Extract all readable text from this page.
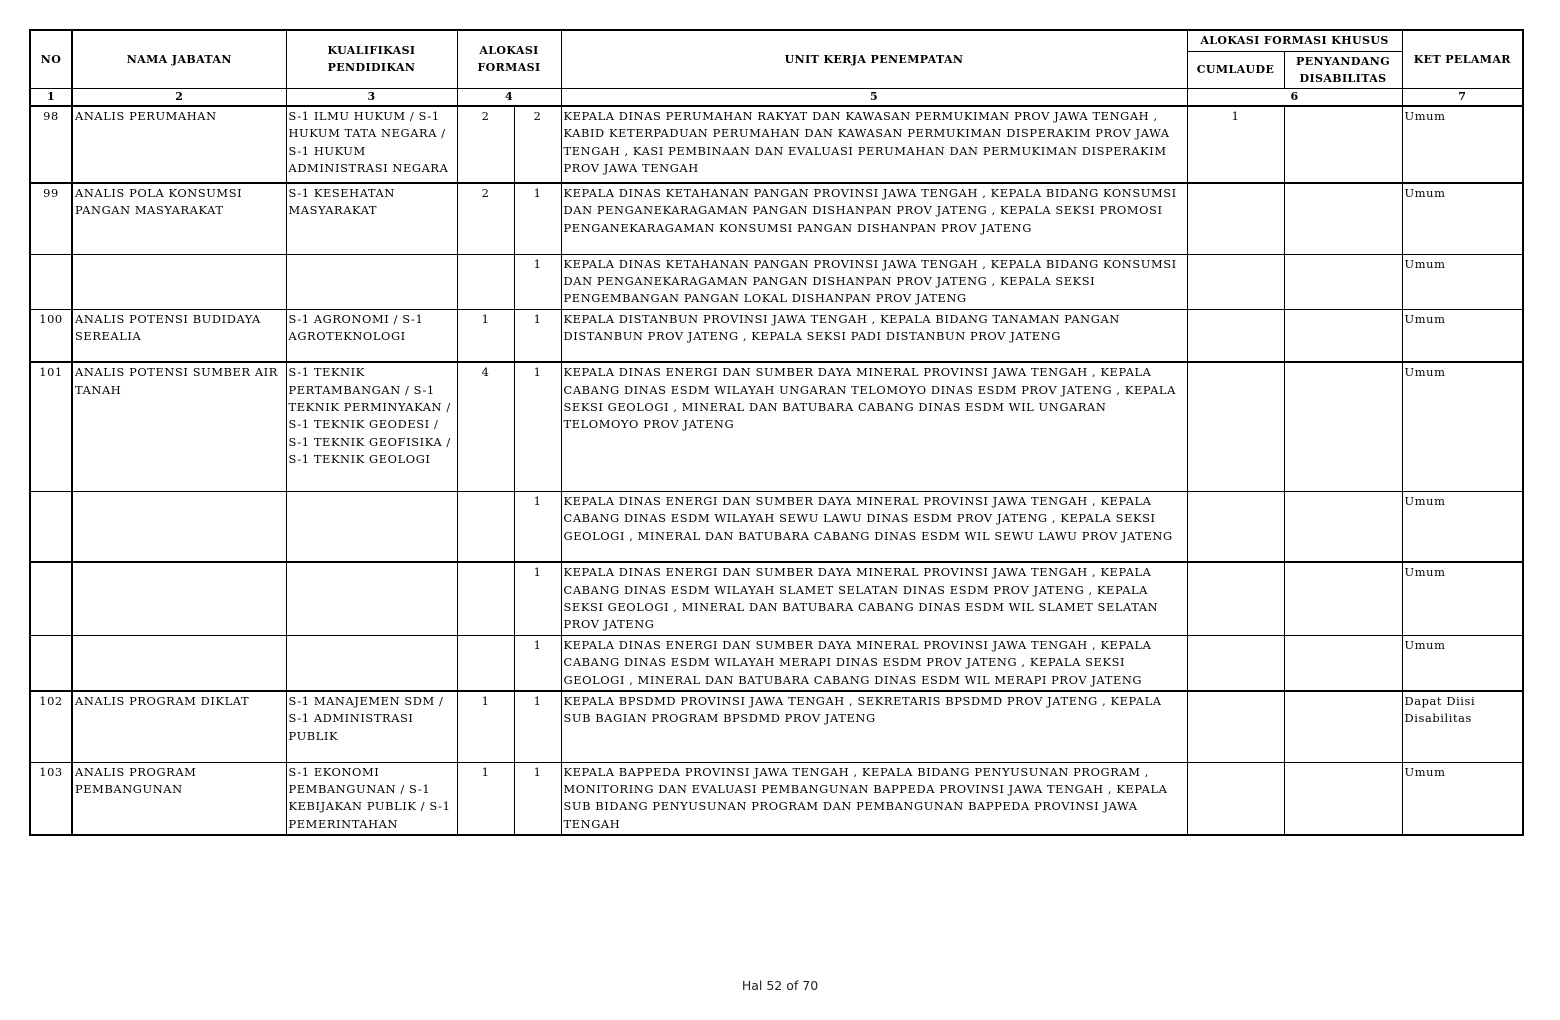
NO	NAMA JABATAN	KUALIFIKASI PENDIDIKAN	ALOKASI FORMASI		UNIT KERJA PENEMPATAN	ALOKASI FORMASI KHUSUS		KET PELAMAR
						CUMLAUDE	PENYANDANG DISABILITAS	
1	2	3	4		5	6		7
98	ANALIS PERUMAHAN	S-1 ILMU HUKUM / S-1 HUKUM TATA NEGARA / S-1 HUKUM ADMINISTRASI NEGARA	2	2	KEPALA DINAS PERUMAHAN RAKYAT DAN KAWASAN PERMUKIMAN PROV JAWA TENGAH , KABID KETERPADUAN PERUMAHAN DAN KAWASAN PERMUKIMAN DISPERAKIM PROV JAWA TENGAH , KASI PEMBINAAN DAN EVALUASI PERUMAHAN DAN PERMUKIMAN DISPERAKIM PROV JAWA TENGAH	1		Umum
99	ANALIS POLA KONSUMSI PANGAN MASYARAKAT	S-1 KESEHATAN MASYARAKAT	2	1	KEPALA DINAS KETAHANAN PANGAN PROVINSI JAWA TENGAH , KEPALA BIDANG KONSUMSI DAN PENGANEKARAGAMAN PANGAN DISHANPAN PROV JATENG , KEPALA SEKSI PROMOSI PENGANEKARAGAMAN KONSUMSI PANGAN DISHANPAN PROV JATENG			Umum
				1	KEPALA DINAS KETAHANAN PANGAN PROVINSI JAWA TENGAH , KEPALA BIDANG KONSUMSI DAN PENGANEKARAGAMAN PANGAN DISHANPAN PROV JATENG , KEPALA SEKSI PENGEMBANGAN PANGAN LOKAL DISHANPAN PROV JATENG			Umum
100	ANALIS POTENSI BUDIDAYA SEREALIA	S-1 AGRONOMI / S-1 AGROTEKNOLOGI	1	1	KEPALA DISTANBUN PROVINSI JAWA TENGAH , KEPALA BIDANG TANAMAN PANGAN DISTANBUN PROV JATENG , KEPALA SEKSI PADI DISTANBUN PROV JATENG			Umum
101	ANALIS POTENSI SUMBER AIR TANAH	S-1 TEKNIK PERTAMBANGAN / S-1 TEKNIK PERMINYAKAN / S-1 TEKNIK GEODESI / S-1 TEKNIK GEOFISIKA / S-1 TEKNIK GEOLOGI	4	1	KEPALA DINAS ENERGI DAN SUMBER DAYA MINERAL PROVINSI JAWA TENGAH , KEPALA CABANG DINAS ESDM WILAYAH UNGARAN TELOMOYO DINAS ESDM PROV JATENG , KEPALA SEKSI GEOLOGI , MINERAL DAN BATUBARA CABANG DINAS ESDM WIL UNGARAN TELOMOYO PROV JATENG			Umum
				1	KEPALA DINAS ENERGI DAN SUMBER DAYA MINERAL PROVINSI JAWA TENGAH , KEPALA CABANG DINAS ESDM WILAYAH SEWU LAWU DINAS ESDM PROV JATENG , KEPALA SEKSI GEOLOGI , MINERAL DAN BATUBARA CABANG DINAS ESDM WIL SEWU LAWU PROV JATENG			Umum
				1	KEPALA DINAS ENERGI DAN SUMBER DAYA MINERAL PROVINSI JAWA TENGAH , KEPALA CABANG DINAS ESDM WILAYAH SLAMET SELATAN DINAS ESDM PROV JATENG , KEPALA SEKSI GEOLOGI , MINERAL DAN BATUBARA CABANG DINAS ESDM WIL SLAMET SELATAN PROV JATENG			Umum
				1	KEPALA DINAS ENERGI DAN SUMBER DAYA MINERAL PROVINSI JAWA TENGAH , KEPALA CABANG DINAS ESDM WILAYAH MERAPI DINAS ESDM PROV JATENG , KEPALA SEKSI GEOLOGI , MINERAL DAN BATUBARA CABANG DINAS ESDM WIL MERAPI PROV JATENG			Umum
102	ANALIS PROGRAM DIKLAT	S-1 MANAJEMEN SDM / S-1 ADMINISTRASI PUBLIK	1	1	KEPALA BPSDMD PROVINSI JAWA TENGAH , SEKRETARIS BPSDMD PROV JATENG , KEPALA SUB BAGIAN PROGRAM BPSDMD PROV JATENG			Dapat Diisi Disabilitas
103	ANALIS PROGRAM PEMBANGUNAN	S-1 EKONOMI PEMBANGUNAN / S-1 KEBIJAKAN PUBLIK / S-1 PEMERINTAHAN	1	1	KEPALA BAPPEDA PROVINSI JAWA TENGAH , KEPALA BIDANG PENYUSUNAN PROGRAM , MONITORING DAN EVALUASI PEMBANGUNAN BAPPEDA PROVINSI JAWA TENGAH , KEPALA SUB BIDANG PENYUSUNAN PROGRAM DAN PEMBANGUNAN BAPPEDA PROVINSI JAWA TENGAH			Umum
Hal 52 of 70
